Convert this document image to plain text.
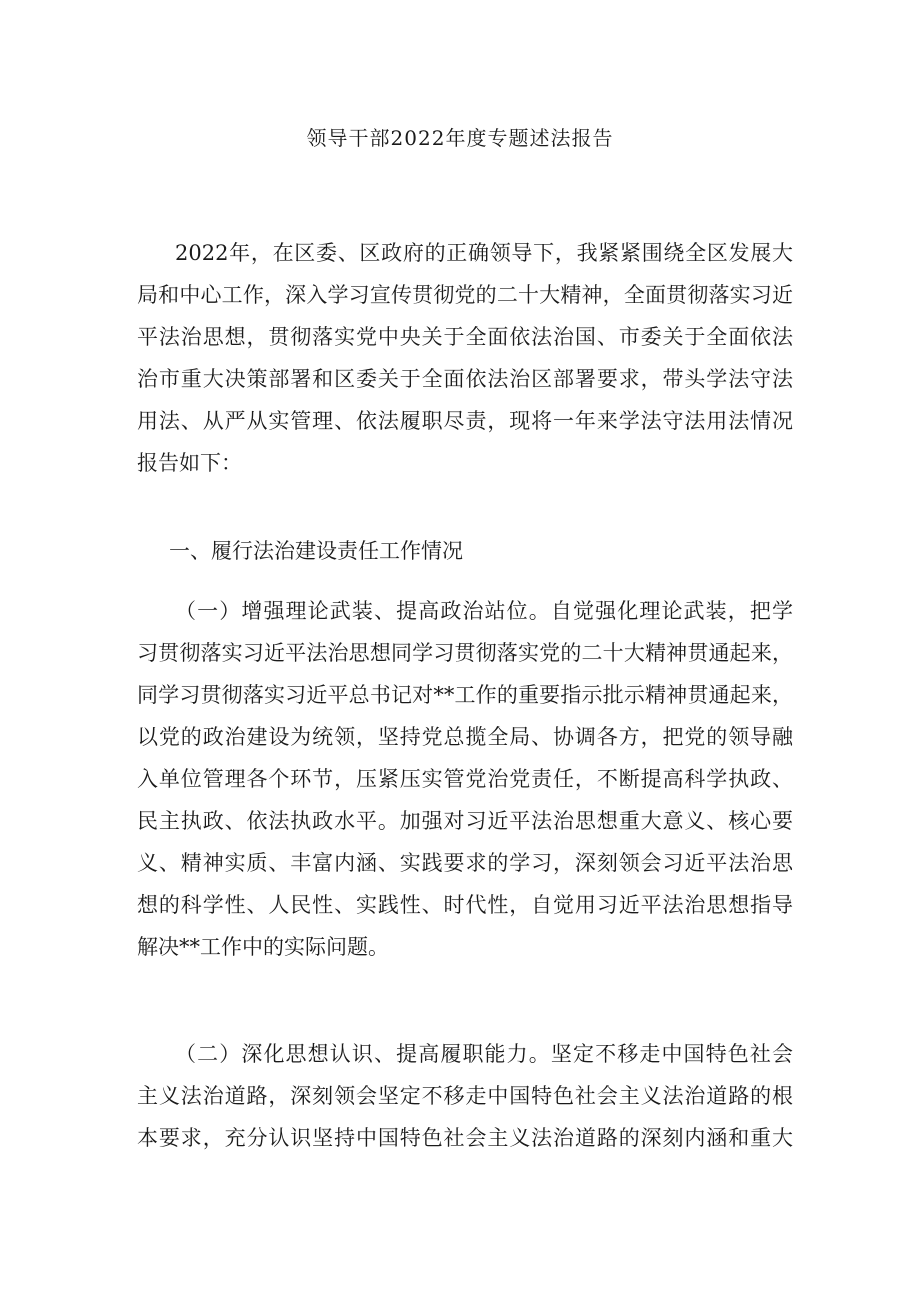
领导干部2022年度专题述法报告
2022年，在区委、区政府的正确领导下，我紧紧围绕全区发展大
局和中心工作，深入学习宣传贯彻党的二十大精神，全面贯彻落实习近
平法治思想，贯彻落实党中央关于全面依法治国、市委关于全面依法
治市重大决策部署和区委关于全面依法治区部署要求，带头学法守法
用法、从严从实管理、依法履职尽责，现将一年来学法守法用法情况
报告如下：
一、履行法治建设责任工作情况
（一）增强理论武装、提高政治站位。自觉强化理论武装，把学
习贯彻落实习近平法治思想同学习贯彻落实党的二十大精神贯通起来，
同学习贯彻落实习近平总书记对**工作的重要指示批示精神贯通起来，
以党的政治建设为统领，坚持党总揽全局、协调各方，把党的领导融
入单位管理各个环节，压紧压实管党治党责任，不断提高科学执政、
民主执政、依法执政水平。加强对习近平法治思想重大意义、核心要
义、精神实质、丰富内涵、实践要求的学习，深刻领会习近平法治思
想的科学性、人民性、实践性、时代性，自觉用习近平法治思想指导
解决**工作中的实际问题。
（二）深化思想认识、提高履职能力。坚定不移走中国特色社会
主义法治道路，深刻领会坚定不移走中国特色社会主义法治道路的根
本要求，充分认识坚持中国特色社会主义法治道路的深刻内涵和重大
